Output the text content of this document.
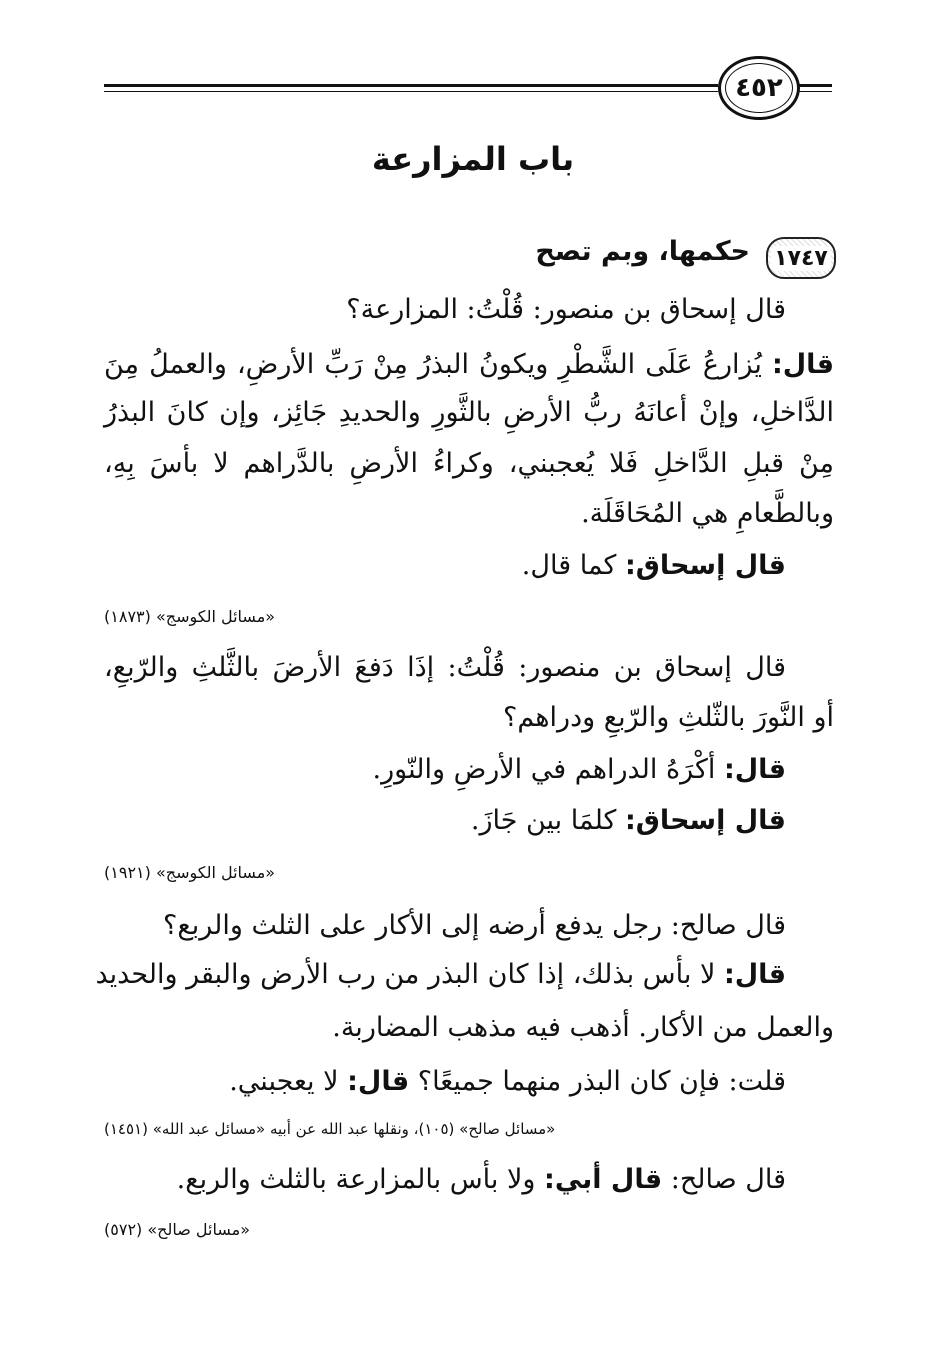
٤٥٢
باب المزارعة
١٧٤٧
حكمها، وبم تصح
قال إسحاق بن منصور: قُلْتُ: المزارعة؟
قال: يُزارعُ عَلَى الشَّطْرِ ويكونُ البذرُ مِنْ رَبِّ الأرضِ، والعملُ مِنَ
الدَّاخلِ، وإنْ أعانَهُ ربُّ الأرضِ بالثَّورِ والحديدِ جَائِز، وإن كانَ البذرُ
مِنْ قبلِ الدَّاخلِ فَلا يُعجبني، وكراءُ الأرضِ بالدَّراهم لا بأسَ بِهِ،
وبالطَّعامِ هي المُحَاقَلَة.
قال إسحاق: كما قال.
«مسائل الكوسج» (١٨٧٣)
قال إسحاق بن منصور: قُلْتُ: إذَا دَفعَ الأرضَ بالثَّلثِ والرّبعِ،
أو النَّورَ بالثّلثِ والرّبعِ ودراهم؟
قال: أكْرَهُ الدراهم في الأرضِ والنّورِ.
قال إسحاق: كلمَا بين جَازَ.
«مسائل الكوسج» (١٩٢١)
قال صالح: رجل يدفع أرضه إلى الأكار على الثلث والربع؟
قال: لا بأس بذلك، إذا كان البذر من رب الأرض والبقر والحديد
والعمل من الأكار. أذهب فيه مذهب المضاربة.
قلت: فإن كان البذر منهما جميعًا؟ قال: لا يعجبني.
«مسائل صالح» (١٠٥)، ونقلها عبد الله عن أبيه «مسائل عبد الله» (١٤٥١)
قال صالح: قال أبي: ولا بأس بالمزارعة بالثلث والربع.
«مسائل صالح» (٥٧٢)
